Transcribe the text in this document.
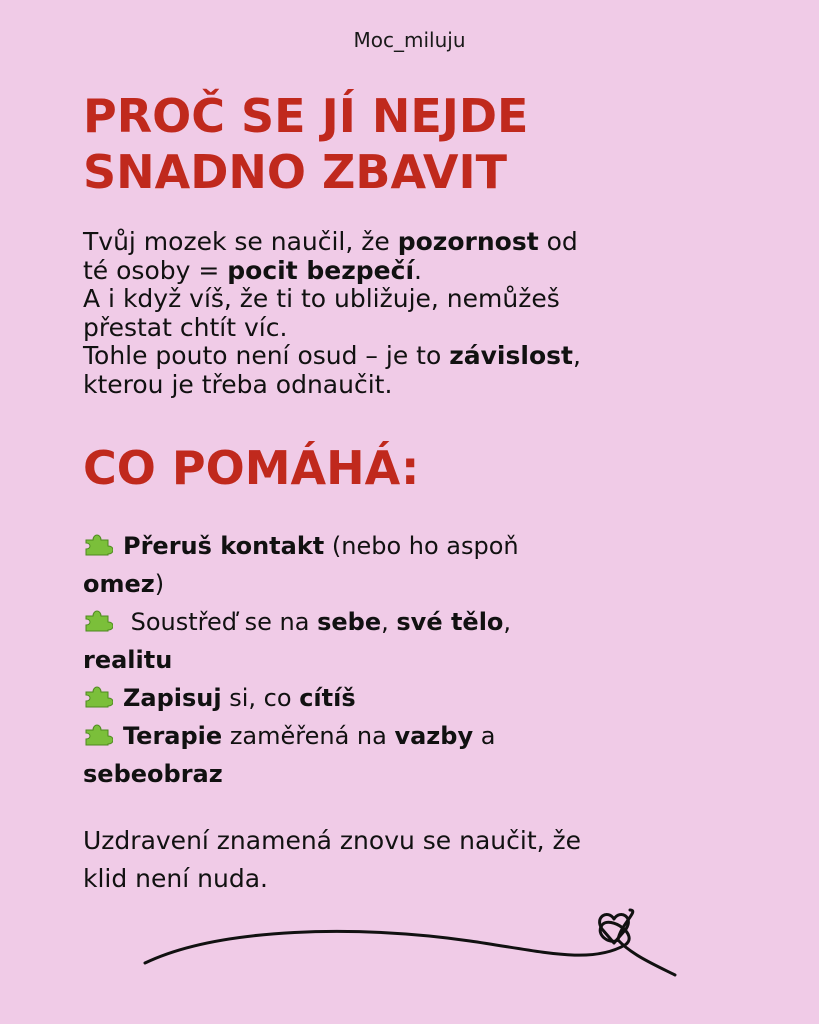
Moc_miluju
PROČ SE JÍ NEJDE
SNADNO ZBAVIT

Tvůj mozek se naučil, že pozornost od
té osoby = pocit bezpečí.
A i když víš, že ti to ubližuje, nemůžeš
přestat chtít víc.
Tohle pouto není osud – je to závislost,
kterou je třeba odnaučit.

CO POMÁHÁ:
Přeruš kontakt (nebo ho aspoň
omez)
Soustřeď se na sebe, své tělo,
realitu
Zapisuj si, co cítíš
Terapie zaměřená na vazby a
sebeobraz

Uzdravení znamená znovu se naučit, že
klid není nuda.
